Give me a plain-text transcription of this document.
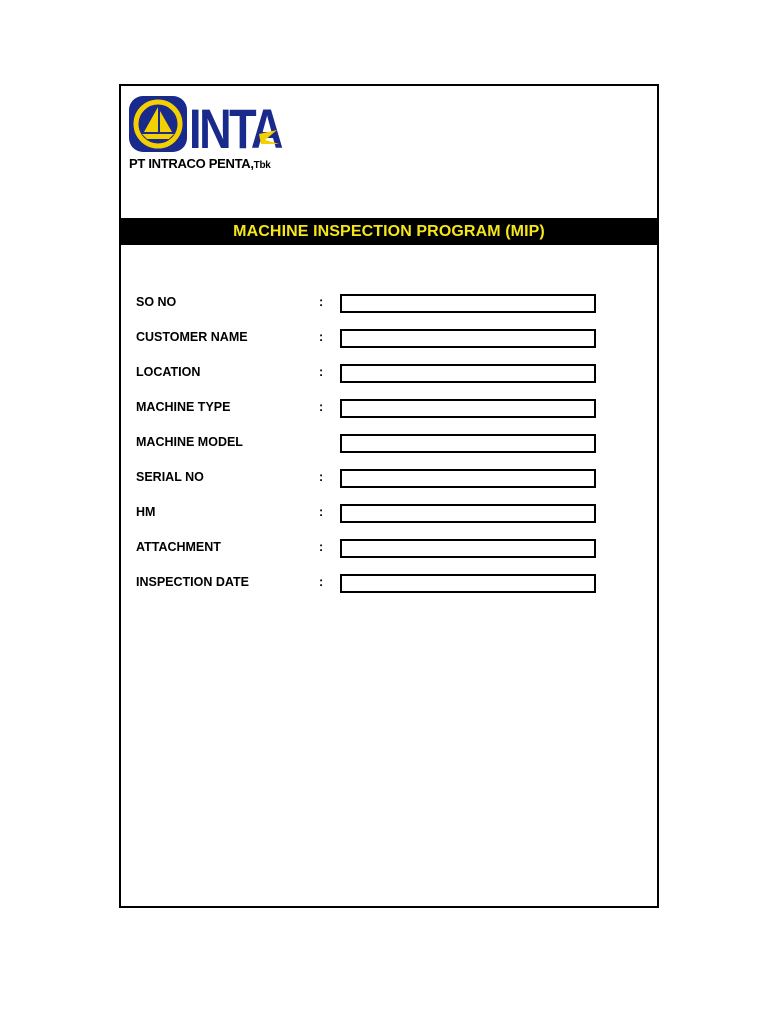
INTA
PT INTRACO PENTA,Tbk
MACHINE INSPECTION PROGRAM (MIP)
SO NO	:
CUSTOMER NAME	:
LOCATION	:
MACHINE TYPE	:
MACHINE MODEL
SERIAL NO	:
HM	:
ATTACHMENT	:
INSPECTION DATE	:
